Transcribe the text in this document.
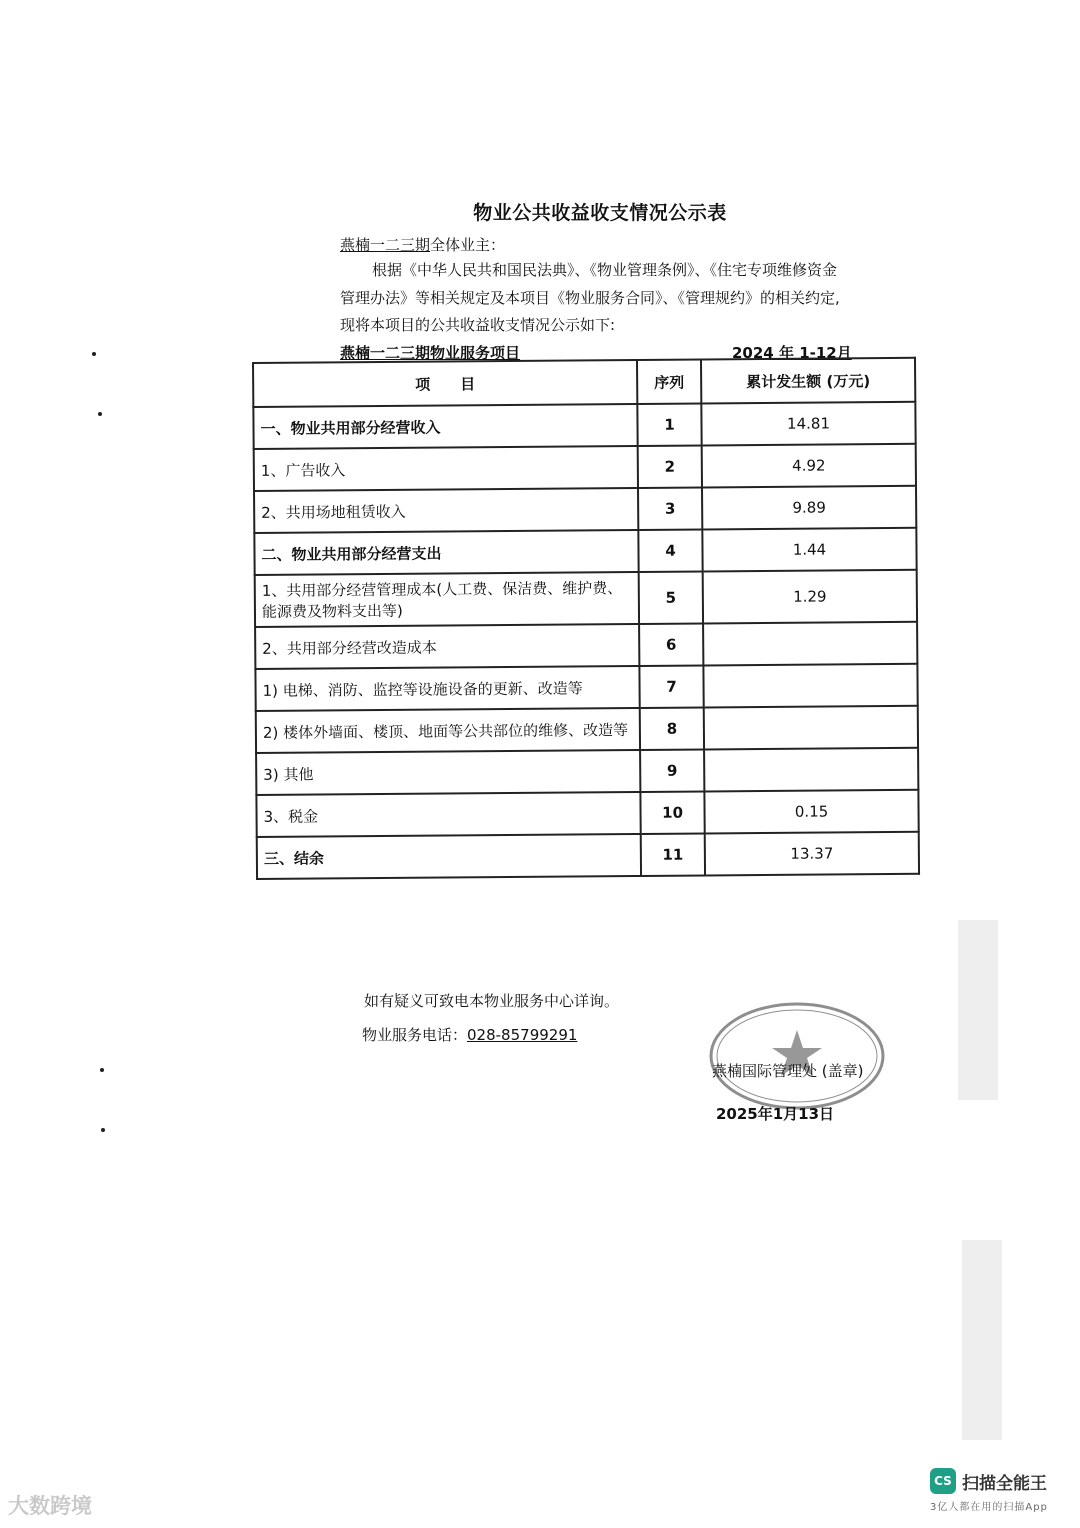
物业公共收益收支情况公示表
燕楠一二三期全体业主：
根据《中华人民共和国民法典》、《物业管理条例》、《住宅专项维修资金
管理办法》等相关规定及本项目《物业服务合同》、《管理规约》的相关约定,
现将本项目的公共收益收支情况公示如下:
燕楠一二三期物业服务项目	2024 年 1-12月
项　　目	序列	累计发生额 (万元)
一、物业共用部分经营收入	1	14.81
1、广告收入	2	4.92
2、共用场地租赁收入	3	9.89
二、物业共用部分经营支出	4	1.44
1、共用部分经营管理成本(人工费、保洁费、维护费、能源费及物料支出等)	5	1.29
2、共用部分经营改造成本	6	
1) 电梯、消防、监控等设施设备的更新、改造等	7	
2) 楼体外墙面、楼顶、地面等公共部位的维修、改造等	8	
3) 其他	9	
3、税金	10	0.15
三、结余	11	13.37
如有疑义可致电本物业服务中心详询。
物业服务电话：028-85799291
燕楠国际管理处 (盖章)
2025年1月13日
大数跨境
CS 扫描全能王
3亿人都在用的扫描App
